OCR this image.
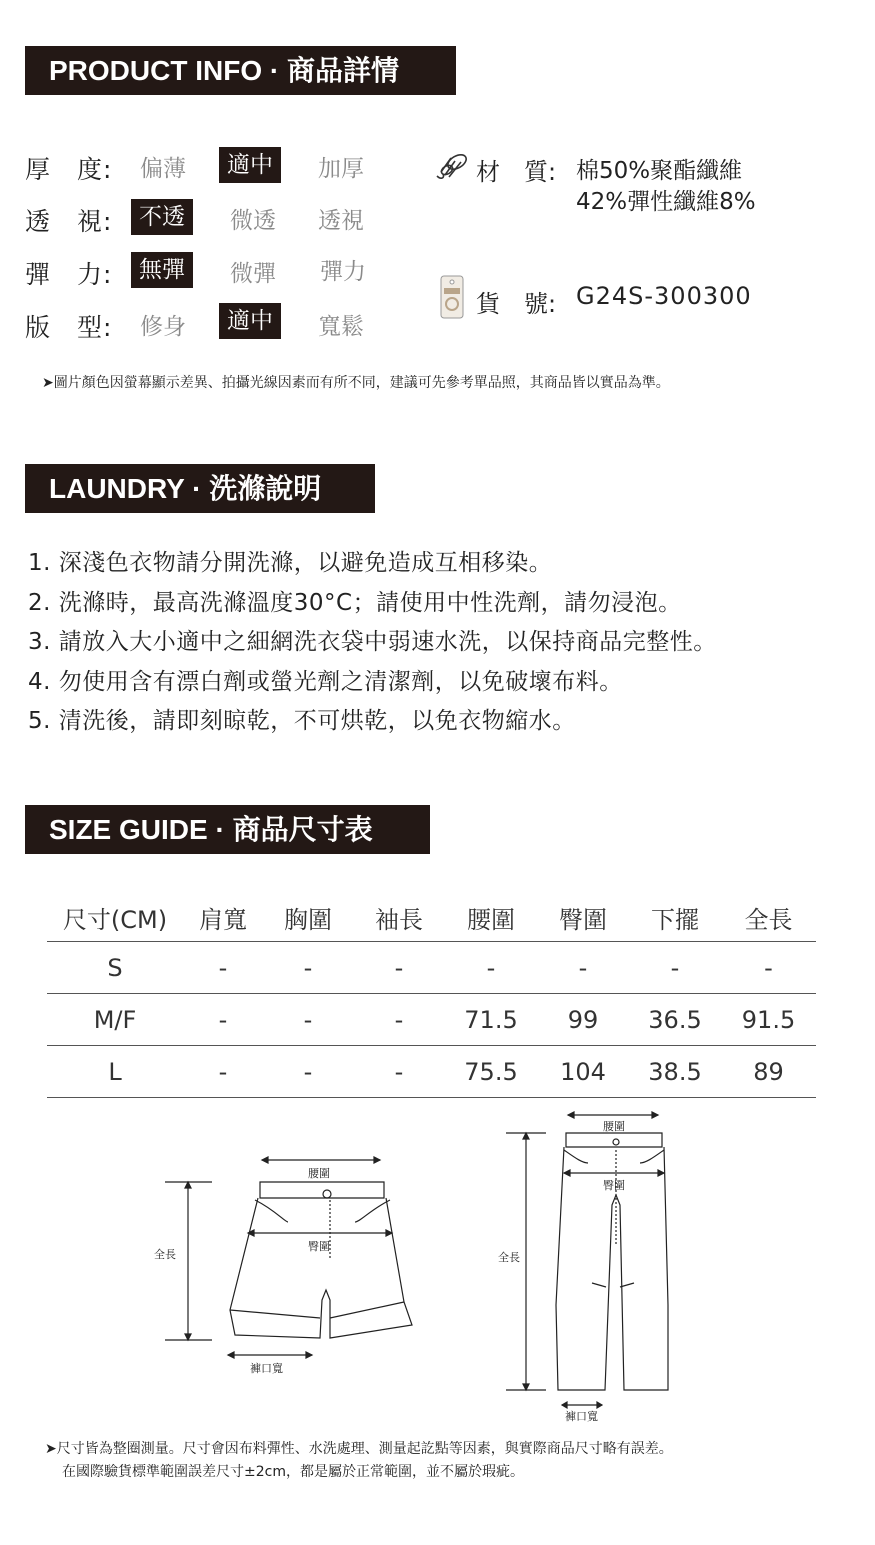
PRODUCT INFO · 商品詳情
厚　度: 偏薄	適中	加厚
透　視:	不透	微透 透視
彈　力:	無彈	微彈 彈力
版　型: 修身	適中	寬鬆
材　質: 棉50%聚酯纖維
42%彈性纖維8%
貨　號: G24S-300300
➤圖片顏色因螢幕顯示差異、拍攝光線因素而有所不同，建議可先參考單品照，其商品皆以實品為準。
LAUNDRY · 洗滌說明
1. 深淺色衣物請分開洗滌，以避免造成互相移染。
2. 洗滌時，最高洗滌溫度30°C；請使用中性洗劑，請勿浸泡。
3. 請放入大小適中之細網洗衣袋中弱速水洗，以保持商品完整性。
4. 勿使用含有漂白劑或螢光劑之清潔劑，以免破壞布料。
5. 清洗後，請即刻晾乾，不可烘乾，以免衣物縮水。
SIZE GUIDE · 商品尺寸表
尺寸(CM)	肩寬	胸圍	袖長	腰圍	臀圍	下擺	全長
S	-	-	-	-	-	-	-
M/F	-	-	-	71.5	99	36.5	91.5
L	-	-	-	75.5	104	38.5	89
腰圍
臀圍
全長
褲口寬
腰圍
臀圍
全長
褲口寬
➤尺寸皆為整圈測量。尺寸會因布料彈性、水洗處理、測量起訖點等因素，與實際商品尺寸略有誤差。
在國際驗貨標準範圍誤差尺寸±2cm，都是屬於正常範圍，並不屬於瑕疵。
